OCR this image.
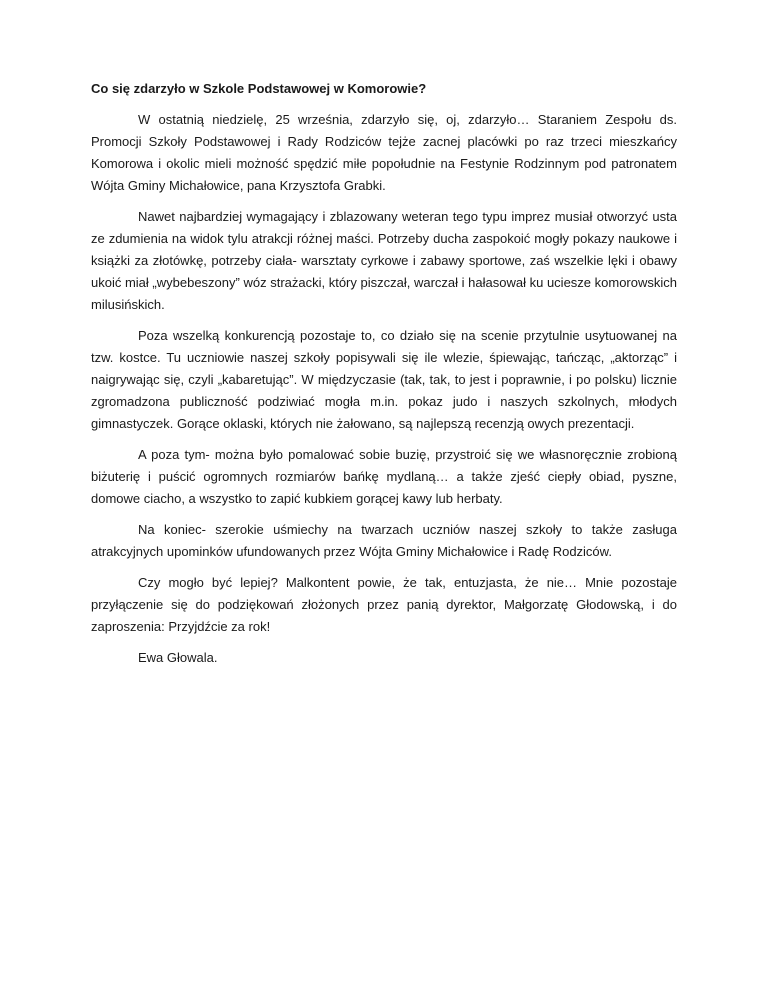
Co się zdarzyło w Szkole Podstawowej w Komorowie?

W ostatnią niedzielę, 25 września, zdarzyło się, oj, zdarzyło… Staraniem Zespołu ds. Promocji Szkoły Podstawowej i Rady Rodziców tejże zacnej placówki po raz trzeci mieszkańcy Komorowa i okolic mieli możność spędzić miłe popołudnie na Festynie Rodzinnym pod patronatem Wójta Gminy Michałowice, pana Krzysztofa Grabki.

Nawet najbardziej wymagający i zblazowany weteran tego typu imprez musiał otworzyć usta ze zdumienia na widok tylu atrakcji różnej maści. Potrzeby ducha zaspokoić mogły pokazy naukowe i książki za złotówkę, potrzeby ciała- warsztaty cyrkowe i zabawy sportowe, zaś wszelkie lęki i obawy ukoić miał „wybebeszony” wóz strażacki, który piszczał, warczał i hałasował ku uciesze komorowskich milusińskich.

Poza wszelką konkurencją pozostaje to, co działo się na scenie przytulnie usytuowanej na tzw. kostce. Tu uczniowie naszej szkoły popisywali się ile wlezie, śpiewając, tańcząc, „aktorząc” i naigrywając się, czyli „kabaretując”. W międzyczasie (tak, tak, to jest i poprawnie, i po polsku) licznie zgromadzona publiczność podziwiać mogła m.in. pokaz judo i naszych szkolnych, młodych gimnastyczek. Gorące oklaski, których nie żałowano, są najlepszą recenzją owych prezentacji.

A poza tym- można było pomalować sobie buzię, przystroić się we własnoręcznie zrobioną biżuterię i puścić ogromnych rozmiarów bańkę mydlaną… a także zjeść ciepły obiad, pyszne, domowe ciacho, a wszystko to zapić kubkiem gorącej kawy lub herbaty.

Na koniec- szerokie uśmiechy na twarzach uczniów naszej szkoły to także zasługa atrakcyjnych upominków ufundowanych przez Wójta Gminy Michałowice i Radę Rodziców.

Czy mogło być lepiej? Malkontent powie, że tak, entuzjasta, że nie… Mnie pozostaje przyłączenie się do podziękowań złożonych przez panią dyrektor, Małgorzatę Głodowską, i do zaproszenia: Przyjdźcie za rok!

Ewa Głowala.
